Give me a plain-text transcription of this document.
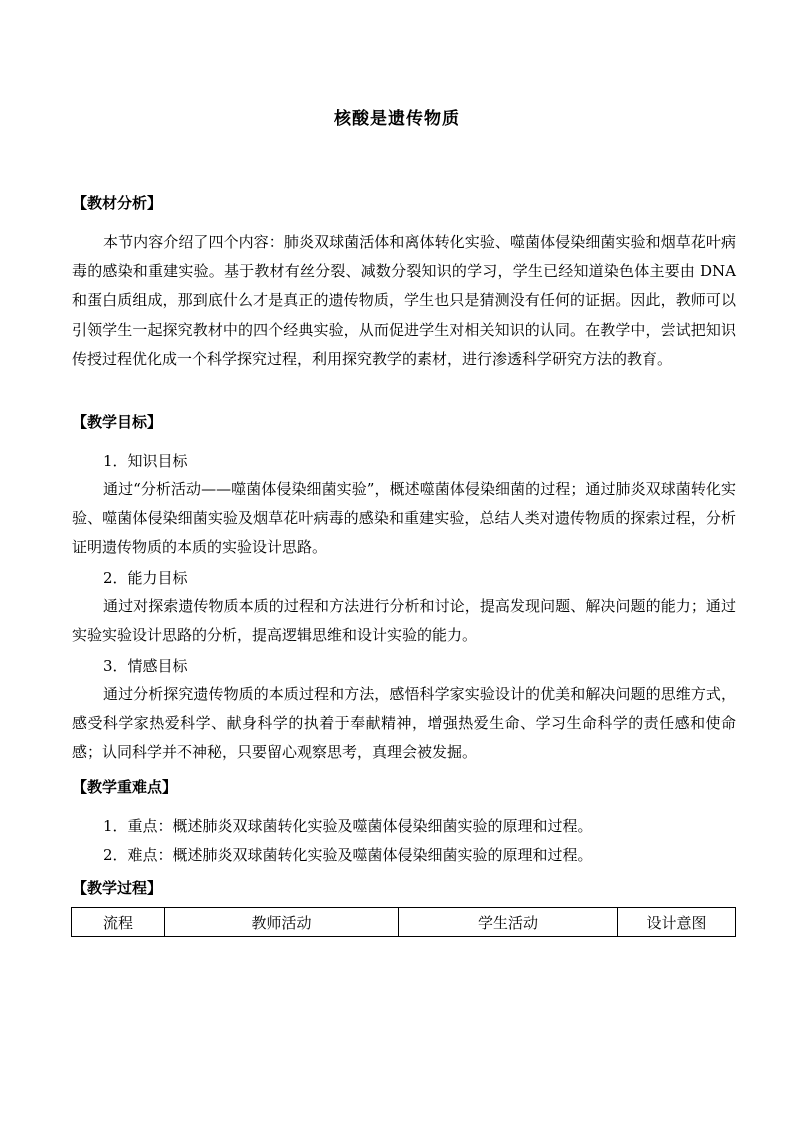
核酸是遗传物质
【教材分析】
本节内容介绍了四个内容：肺炎双球菌活体和离体转化实验、噬菌体侵染细菌实验和烟草花叶病毒的感染和重建实验。基于教材有丝分裂、减数分裂知识的学习，学生已经知道染色体主要由 DNA 和蛋白质组成，那到底什么才是真正的遗传物质，学生也只是猜测没有任何的证据。因此，教师可以引领学生一起探究教材中的四个经典实验，从而促进学生对相关知识的认同。在教学中，尝试把知识传授过程优化成一个科学探究过程，利用探究教学的素材，进行渗透科学研究方法的教育。
【教学目标】
1．知识目标
通过“分析活动——噬菌体侵染细菌实验”，概述噬菌体侵染细菌的过程；通过肺炎双球菌转化实验、噬菌体侵染细菌实验及烟草花叶病毒的感染和重建实验，总结人类对遗传物质的探索过程，分析证明遗传物质的本质的实验设计思路。
2．能力目标
通过对探索遗传物质本质的过程和方法进行分析和讨论，提高发现问题、解决问题的能力；通过实验实验设计思路的分析，提高逻辑思维和设计实验的能力。
3．情感目标
通过分析探究遗传物质的本质过程和方法，感悟科学家实验设计的优美和解决问题的思维方式，感受科学家热爱科学、献身科学的执着于奉献精神，增强热爱生命、学习生命科学的责任感和使命感；认同科学并不神秘，只要留心观察思考，真理会被发掘。
【教学重难点】
1．重点：概述肺炎双球菌转化实验及噬菌体侵染细菌实验的原理和过程。
2．难点：概述肺炎双球菌转化实验及噬菌体侵染细菌实验的原理和过程。
【教学过程】
流程	教师活动	学生活动	设计意图
